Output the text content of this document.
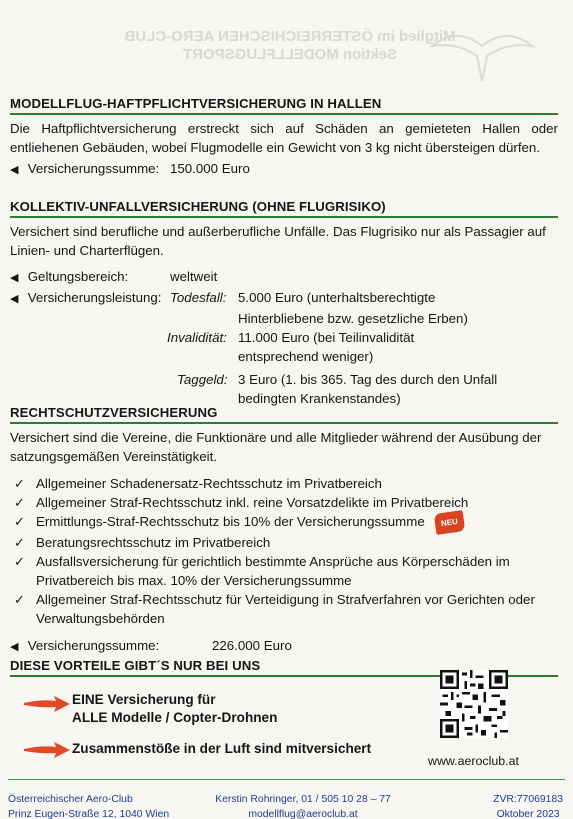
Mitglied im ÖSTERREICHISCHEN AERO-CLUB
Sektion MODELLFLUGSPORT
MODELLFLUG-HAFTPFLICHTVERSICHERUNG IN HALLEN
Die Haftpflichtversicherung erstreckt sich auf Schäden an gemieteten Hallen oder entliehenen Gebäuden, wobei Flugmodelle ein Gewicht von 3 kg nicht übersteigen dürfen.
◀ Versicherungssumme: 150.000 Euro
KOLLEKTIV-UNFALLVERSICHERUNG (OHNE FLUGRISIKO)
Versichert sind berufliche und außerberufliche Unfälle. Das Flugrisiko nur als Passagier auf Linien- und Charterflügen.
◀ Geltungsbereich:	weltweit
◀ Versicherungsleistung: Todesfall: 5.000 Euro (unterhaltsberechtigte
Hinterbliebene bzw. gesetzliche Erben)

Invalidität: 11.000 Euro (bei Teilinvalidität

entsprechend weniger)

Taggeld: 3 Euro (1. bis 365. Tag des durch den Unfall

bedingten Krankenstandes)

RECHTSCHUTZVERSICHERUNG
Versichert sind die Vereine, die Funktionäre und alle Mitglieder während der Ausübung der satzungsgemäßen Vereinstätigkeit.
✓ Allgemeiner Schadenersatz-Rechtsschutz im Privatbereich
✓ Allgemeiner Straf-Rechtsschutz inkl. reine Vorsatzdelikte im Privatbereich
✓ Ermittlungs-Straf-Rechtsschutz bis 10% der Versicherungssumme NEU
✓ Beratungsrechtsschutz im Privatbereich
✓ Ausfallsversicherung für gerichtlich bestimmte Ansprüche aus Körperschäden im Privatbereich bis max. 10% der Versicherungssumme
✓ Allgemeiner Straf-Rechtsschutz für Verteidigung in Strafverfahren vor Gerichten oder Verwaltungsbehörden
◀ Versicherungssumme:	226.000 Euro
DIESE VORTEILE GIBT´S NUR BEI UNS
EINE Versicherung für
ALLE Modelle / Copter-Drohnen
Zusammenstöße in der Luft sind mitversichert
www.aeroclub.at
Österreichischer Aero-Club
Prinz Eugen-Straße 12, 1040 Wien
Kerstin Rohringer, 01 / 505 10 28 – 77
modellflug@aeroclub.at
ZVR:77069183
Oktober 2023
